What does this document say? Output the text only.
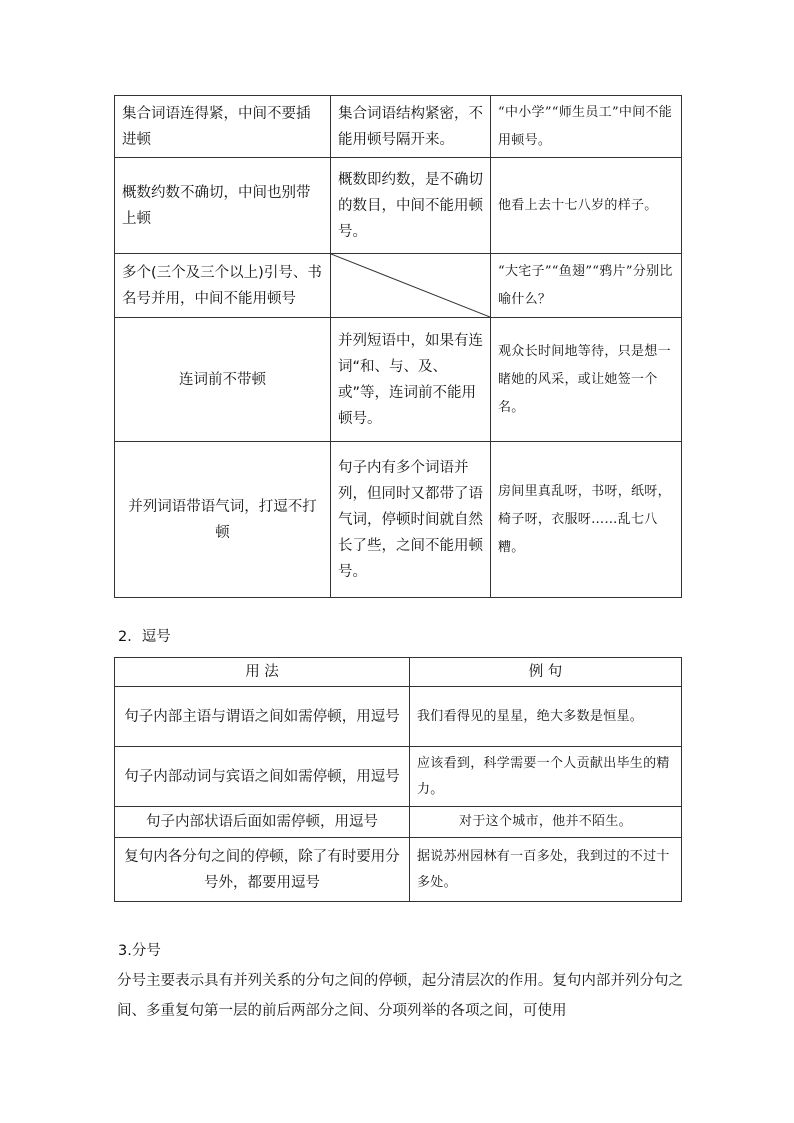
集合词语连得紧，中间不要插进顿	集合词语结构紧密，不能用顿号隔开来。	“中小学”“师生员工”中间不能用顿号。
概数约数不确切，中间也别带上顿	概数即约数，是不确切的数目，中间不能用顿号。	他看上去十七八岁的样子。
多个(三个及三个以上)引号、书名号并用，中间不能用顿号		“大宅子”“鱼翅”“鸦片”分别比喻什么？
连词前不带顿	并列短语中，如果有连词“和、与、及、或”等，连词前不能用顿号。	观众长时间地等待，只是想一睹她的风采，或让她签一个名。
并列词语带语气词，打逗不打顿	句子内有多个词语并列，但同时又都带了语气词，停顿时间就自然长了些，之间不能用顿号。	房间里真乱呀，书呀，纸呀，椅子呀，衣服呀……乱七八糟。
2．逗号
用 法	例 句
句子内部主语与谓语之间如需停顿，用逗号	我们看得见的星星，绝大多数是恒星。
句子内部动词与宾语之间如需停顿，用逗号	应该看到，科学需要一个人贡献出毕生的精力。
句子内部状语后面如需停顿，用逗号	对于这个城市，他并不陌生。
复句内各分句之间的停顿，除了有时要用分号外，都要用逗号	据说苏州园林有一百多处，我到过的不过十多处。
3.分号
分号主要表示具有并列关系的分句之间的停顿，起分清层次的作用。复句内部并列分句之间、多重复句第一层的前后两部分之间、分项列举的各项之间，可使用
